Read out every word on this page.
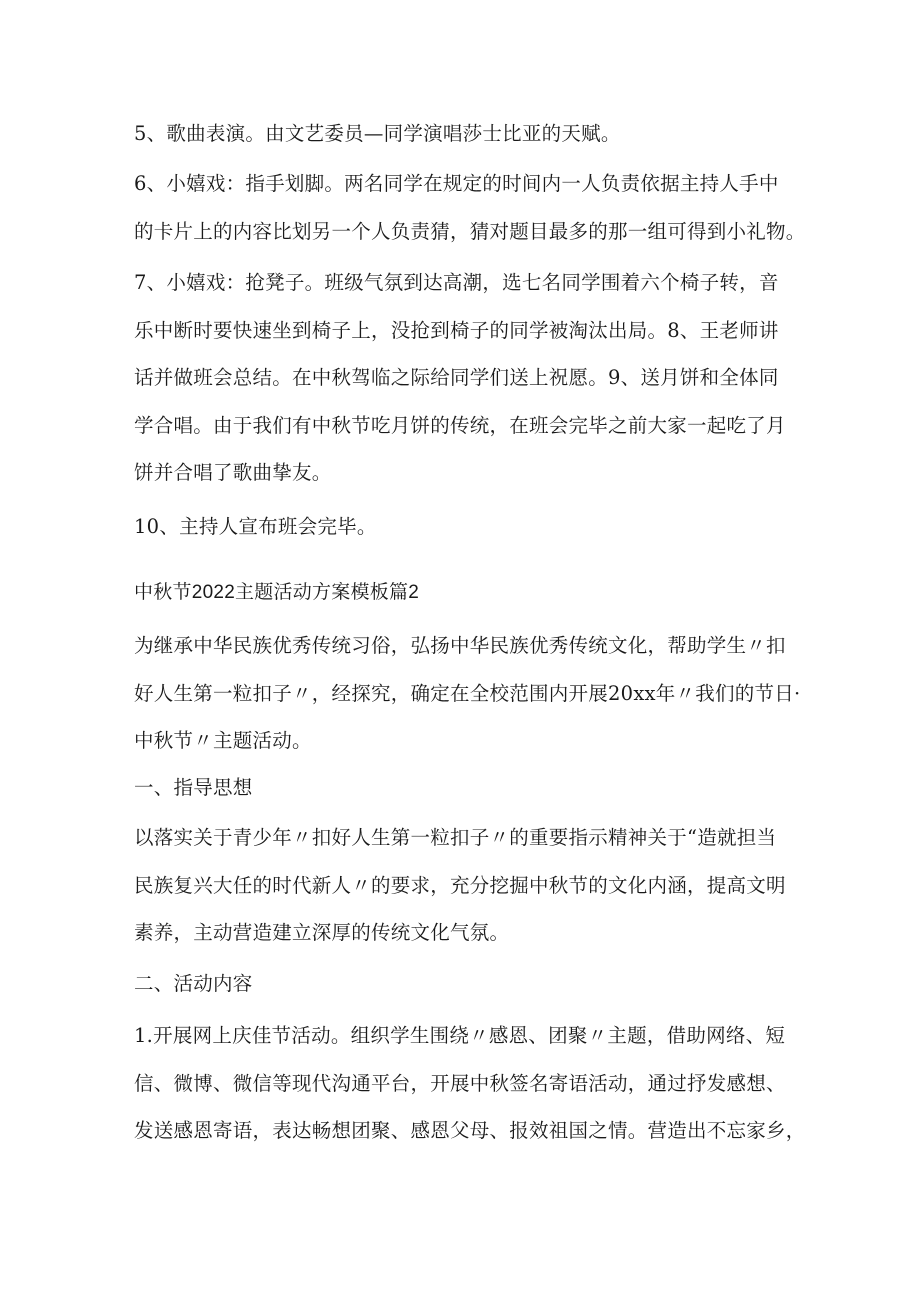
5、歌曲表演。由文艺委员—同学演唱莎士比亚的天赋。

6、小嬉戏：指手划脚。两名同学在规定的时间内一人负责依据主持人手中
的卡片上的内容比划另一个人负责猜，猜对题目最多的那一组可得到小礼物。

7、小嬉戏：抢凳子。班级气氛到达高潮，选七名同学围着六个椅子转，音
乐中断时要快速坐到椅子上，没抢到椅子的同学被淘汰出局。8、王老师讲
话并做班会总结。在中秋驾临之际给同学们送上祝愿。9、送月饼和全体同
学合唱。由于我们有中秋节吃月饼的传统，在班会完毕之前大家一起吃了月
饼并合唱了歌曲挚友。

10、主持人宣布班会完毕。

中秋节2022主题活动方案模板篇2

为继承中华民族优秀传统习俗，弘扬中华民族优秀传统文化，帮助学生〃扣
好人生第一粒扣子〃，经探究，确定在全校范围内开展20xx年〃我们的节日·
中秋节〃主题活动。

一、指导思想

以落实关于青少年〃扣好人生第一粒扣子〃的重要指示精神关于“造就担当
民族复兴大任的时代新人〃的要求，充分挖掘中秋节的文化内涵，提高文明
素养，主动营造建立深厚的传统文化气氛。

二、活动内容

1.开展网上庆佳节活动。组织学生围绕〃感恩、团聚〃主题，借助网络、短
信、微博、微信等现代沟通平台，开展中秋签名寄语活动，通过抒发感想、
发送感恩寄语，表达畅想团聚、感恩父母、报效祖国之情。营造出不忘家乡，
